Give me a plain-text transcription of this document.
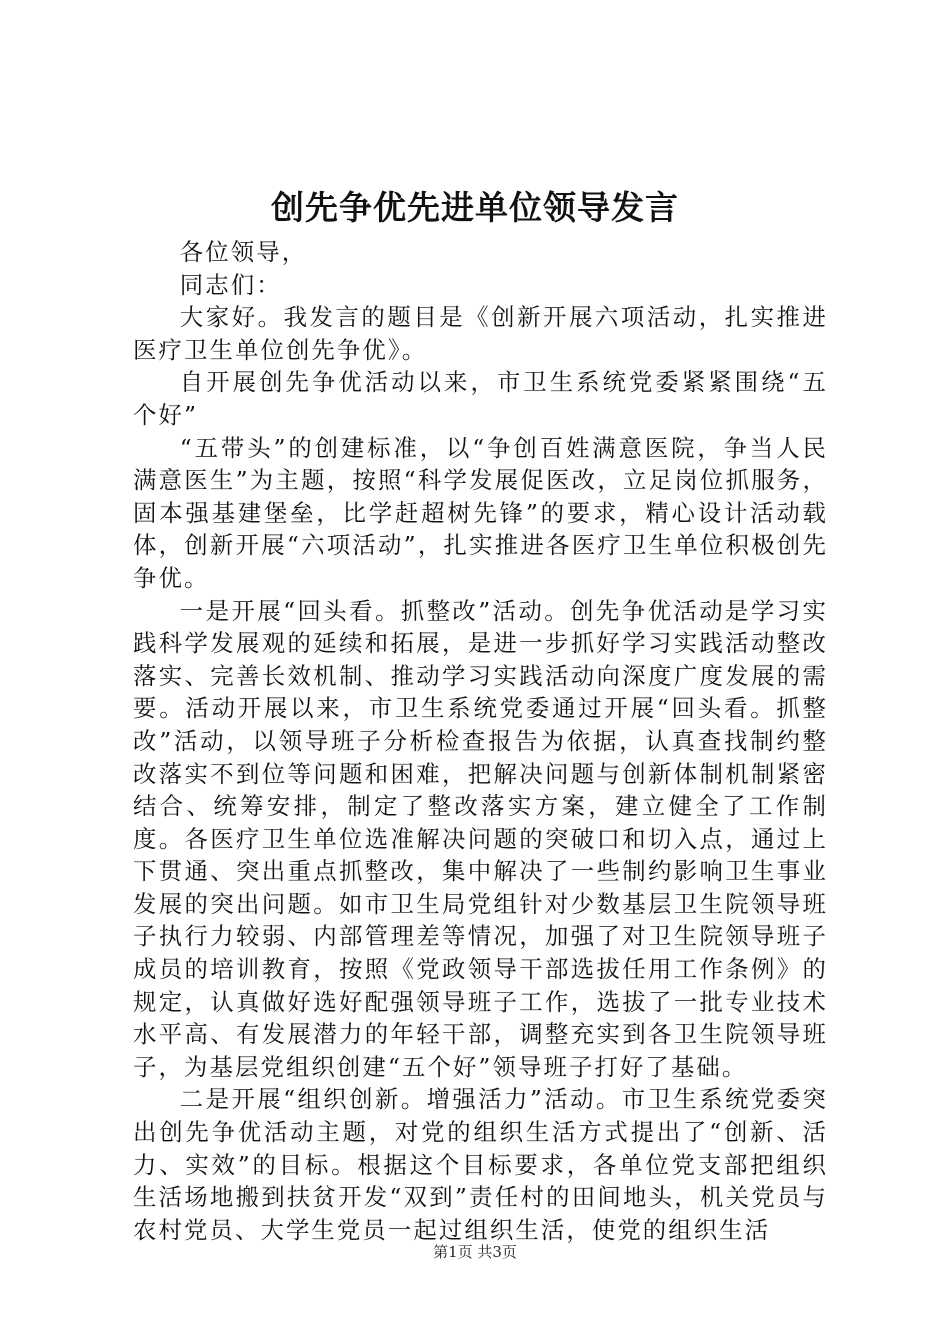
创先争优先进单位领导发言

各位领导，

同志们：

大家好。我发言的题目是《创新开展六项活动，扎实推进医疗卫生单位创先争优》。

自开展创先争优活动以来，市卫生系统党委紧紧围绕“五个好”

“五带头”的创建标准，以“争创百姓满意医院，争当人民满意医生”为主题，按照“科学发展促医改，立足岗位抓服务，固本强基建堡垒，比学赶超树先锋”的要求，精心设计活动载体，创新开展“六项活动”，扎实推进各医疗卫生单位积极创先争优。

一是开展“回头看。抓整改”活动。创先争优活动是学习实践科学发展观的延续和拓展，是进一步抓好学习实践活动整改落实、完善长效机制、推动学习实践活动向深度广度发展的需要。活动开展以来，市卫生系统党委通过开展“回头看。抓整改”活动，以领导班子分析检查报告为依据，认真查找制约整改落实不到位等问题和困难，把解决问题与创新体制机制紧密结合、统筹安排，制定了整改落实方案，建立健全了工作制度。各医疗卫生单位选准解决问题的突破口和切入点，通过上下贯通、突出重点抓整改，集中解决了一些制约影响卫生事业发展的突出问题。如市卫生局党组针对少数基层卫生院领导班子执行力较弱、内部管理差等情况，加强了对卫生院领导班子成员的培训教育，按照《党政领导干部选拔任用工作条例》的规定，认真做好选好配强领导班子工作，选拔了一批专业技术水平高、有发展潜力的年轻干部，调整充实到各卫生院领导班子，为基层党组织创建“五个好”领导班子打好了基础。

二是开展“组织创新。增强活力”活动。市卫生系统党委突出创先争优活动主题，对党的组织生活方式提出了“创新、活力、实效”的目标。根据这个目标要求，各单位党支部把组织生活场地搬到扶贫开发“双到”责任村的田间地头，机关党员与农村党员、大学生党员一起过组织生活，使党的组织生活

第1页 共3页
